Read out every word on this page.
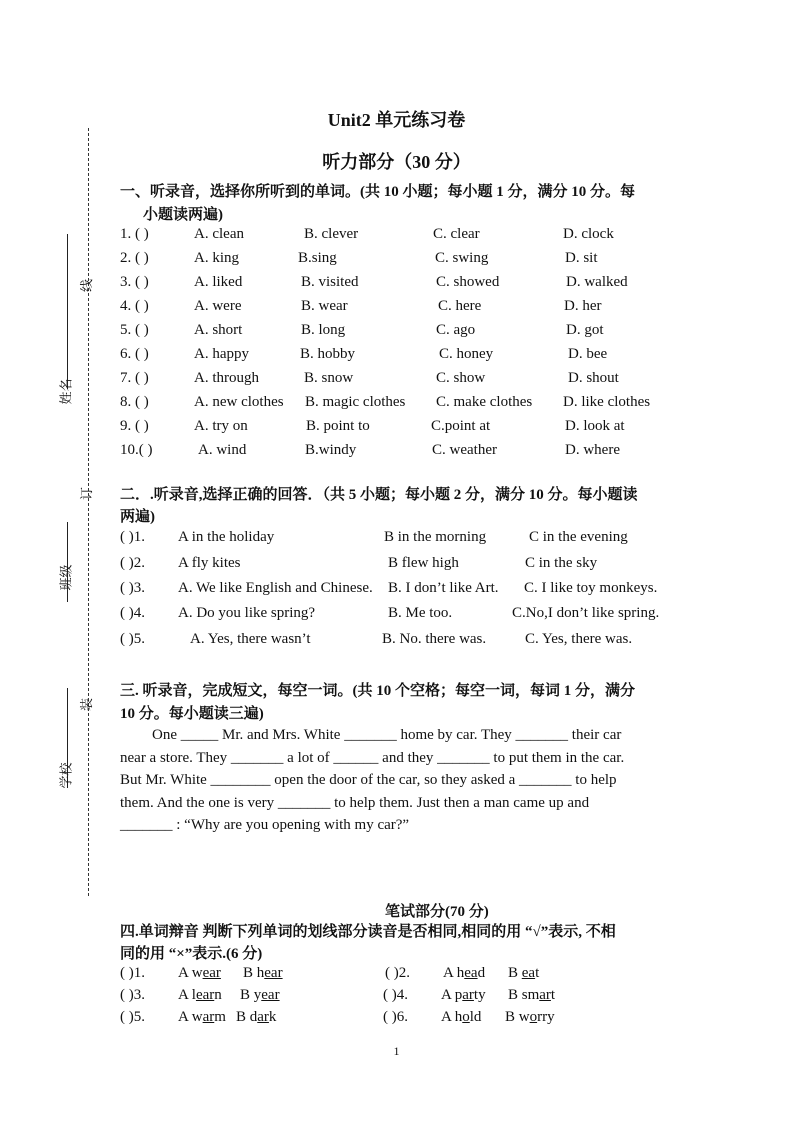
姓名
班级
学校
线
订
装
Unit2 单元练习卷
听力部分（30 分）
一、听录音，选择你所听到的单词。(共 10 小题；每小题 1 分，满分 10 分。每
小题读两遍)
1. ( )	A. clean	B. clever	C. clear	D. clock
2. ( )	A. king	B.sing	C. swing	D. sit
3. ( )	A. liked	B. visited	C. showed	D. walked
4. ( )	A. were	B. wear	C. here	D. her
5. ( )	A. short	B. long	C. ago	D. got
6. ( )	A. happy	B. hobby	C. honey	D. bee
7. ( )	A. through	B. snow	C. show	D. shout
8. ( )	A. new clothes B. magic clothes C. make clothes D. like clothes
9. ( )	A. try on	B. point to	C.point at	D. look at
10.( )	A. wind	B.windy	C. weather	D. where
二．.听录音,选择正确的回答．（共 5 小题；每小题 2 分，满分 10 分。每小题读
两遍)
( )1. A in the holiday	B in the morning	C in the evening
( )2. A fly kites	B flew high	C in the sky
( )3. A. We like English and Chinese. B. I don’t like Art. C. I like toy monkeys.
( )4. A. Do you like spring?	B. Me too.	C.No,I don’t like spring.
( )5.	A. Yes, there wasn’t	B. No. there was.	C. Yes, there was.
三. 听录音，完成短文，每空一词。(共 10 个空格；每空一词，每词 1 分，满分
10 分。每小题读三遍)

One _____ Mr. and Mrs. White _______ home by car. They _______ their car

near a store. They _______ a lot of ______ and they _______ to put them in the car.

But Mr. White ________ open the door of the car, so they asked a _______ to help

them. And the one is very _______ to help them. Just then a man came up and

_______ : “Why are you opening with my car?”

笔试部分(70 分)
四.单词辩音 判断下列单词的划线部分读音是否相同,相同的用 “√”表示, 不相
同的用 “×”表示.(6 分)
( )1. A wear B hear	( )2. A head B eat
( )3. A learn B year	( )4. A party B smart
( )5. A warm B dark	( )6. A hold B worry
1
